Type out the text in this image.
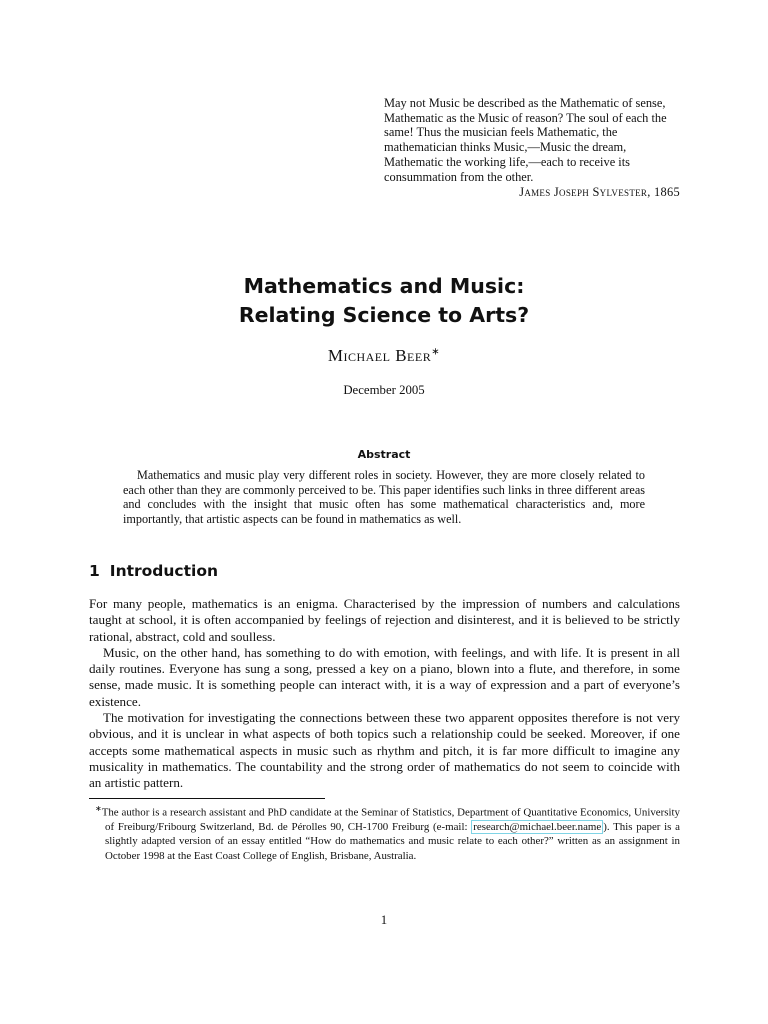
May not Music be described as the Mathematic of sense, Mathematic as the Music of reason? The soul of each the same! Thus the musician feels Mathematic, the mathematician thinks Music,—Music the dream, Mathematic the working life,—each to receive its consummation from the other.

James Joseph Sylvester, 1865
Mathematics and Music:
Relating Science to Arts?
Michael Beer∗
December 2005
Abstract

Mathematics and music play very different roles in society. However, they are more closely related to each other than they are commonly perceived to be. This paper identifies such links in three different areas and concludes with the insight that music often has some mathematical characteristics and, more importantly, that artistic aspects can be found in mathematics as well.

1 Introduction

For many people, mathematics is an enigma. Characterised by the impression of numbers and calculations taught at school, it is often accompanied by feelings of rejection and disinterest, and it is believed to be strictly rational, abstract, cold and soulless.

Music, on the other hand, has something to do with emotion, with feelings, and with life. It is present in all daily routines. Everyone has sung a song, pressed a key on a piano, blown into a flute, and therefore, in some sense, made music. It is something people can interact with, it is a way of expression and a part of everyone’s existence.

The motivation for investigating the connections between these two apparent opposites therefore is not very obvious, and it is unclear in what aspects of both topics such a relationship could be seeked. Moreover, if one accepts some mathematical aspects in music such as rhythm and pitch, it is far more difficult to imagine any musicality in mathematics. The countability and the strong order of mathematics do not seem to coincide with an artistic pattern.

∗The author is a research assistant and PhD candidate at the Seminar of Statistics, Department of Quantitative Economics, University of Freiburg/Fribourg Switzerland, Bd. de Pérolles 90, CH-1700 Freiburg (e-mail: research@michael.beer.name ). This paper is a slightly adapted version of an essay entitled “How do mathematics and music relate to each other?” written as an assignment in October 1998 at the East Coast College of English, Brisbane, Australia.

1
